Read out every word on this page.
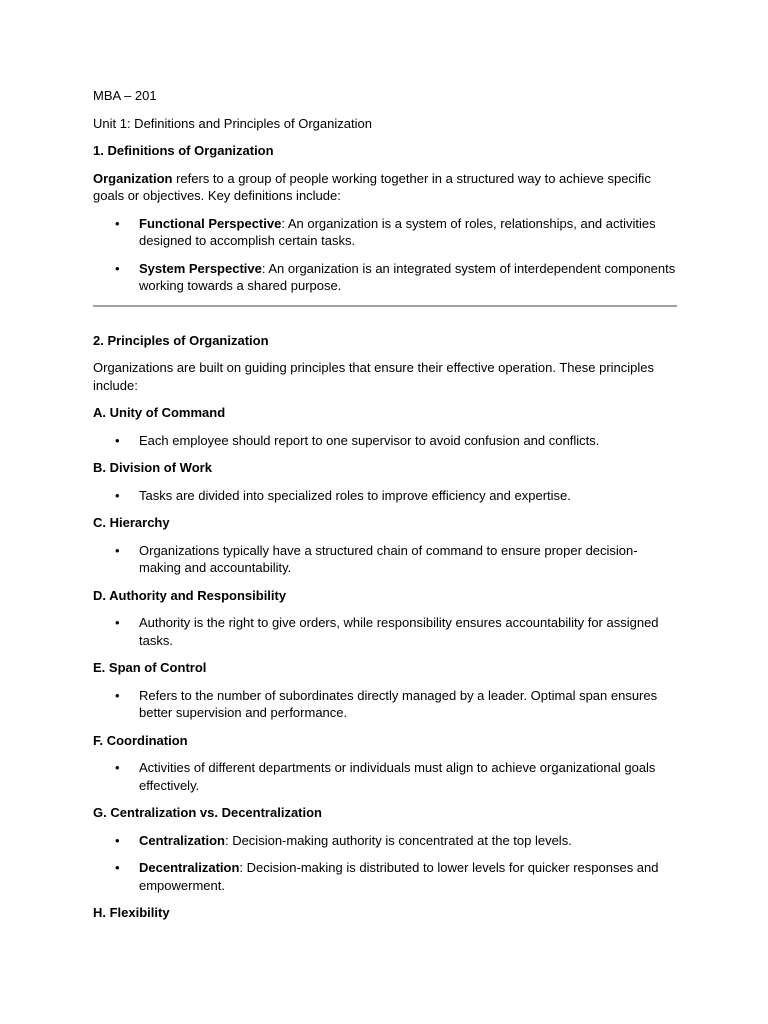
MBA – 201

Unit 1: Definitions and Principles of Organization

1. Definitions of Organization

Organization refers to a group of people working together in a structured way to achieve specific goals or objectives. Key definitions include:

• Functional Perspective: An organization is a system of roles, relationships, and activities designed to accomplish certain tasks.
• System Perspective: An organization is an integrated system of interdependent components working towards a shared purpose.

2. Principles of Organization

Organizations are built on guiding principles that ensure their effective operation. These principles include:

A. Unity of Command

• Each employee should report to one supervisor to avoid confusion and conflicts.

B. Division of Work

• Tasks are divided into specialized roles to improve efficiency and expertise.

C. Hierarchy

• Organizations typically have a structured chain of command to ensure proper decision-making and accountability.

D. Authority and Responsibility

• Authority is the right to give orders, while responsibility ensures accountability for assigned tasks.

E. Span of Control

• Refers to the number of subordinates directly managed by a leader. Optimal span ensures better supervision and performance.

F. Coordination

• Activities of different departments or individuals must align to achieve organizational goals effectively.

G. Centralization vs. Decentralization

• Centralization: Decision-making authority is concentrated at the top levels.
• Decentralization: Decision-making is distributed to lower levels for quicker responses and empowerment.

H. Flexibility
